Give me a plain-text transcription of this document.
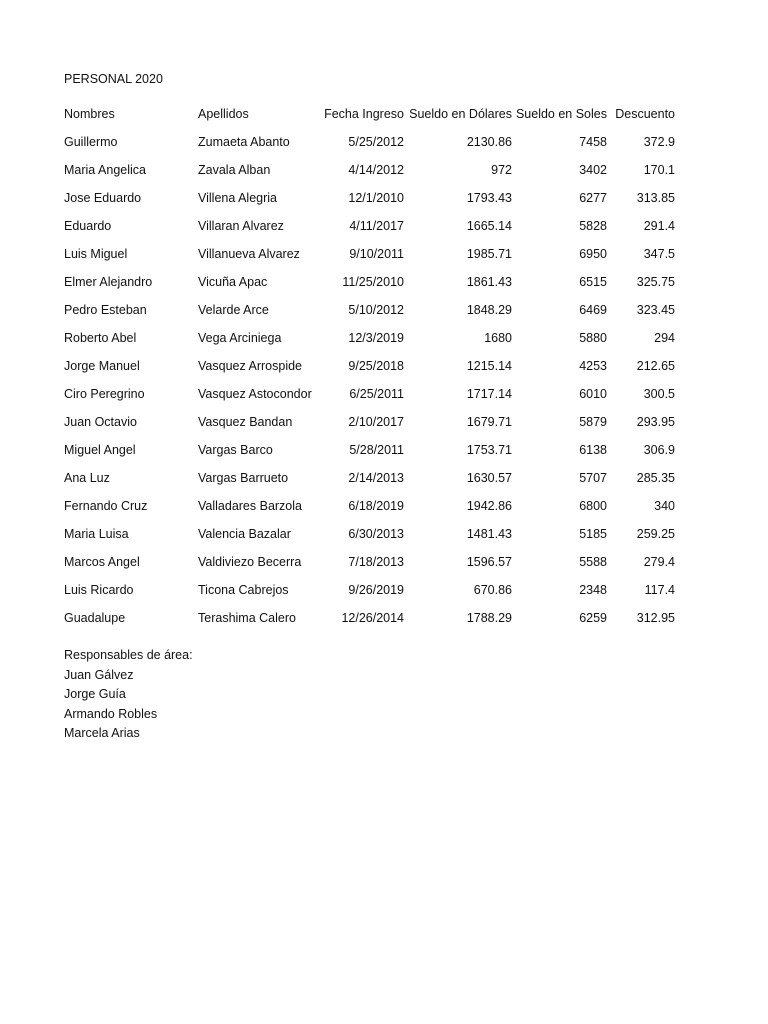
PERSONAL 2020
Nombres	Apellidos	Fecha Ingreso	Sueldo en Dólares	Sueldo en Soles	Descuento
Guillermo	Zumaeta Abanto	5/25/2012	2130.86	7458	372.9
Maria Angelica	Zavala Alban	4/14/2012	972	3402	170.1
Jose Eduardo	Villena Alegria	12/1/2010	1793.43	6277	313.85
Eduardo	Villaran Alvarez	4/11/2017	1665.14	5828	291.4
Luis Miguel	Villanueva Alvarez	9/10/2011	1985.71	6950	347.5
Elmer Alejandro	Vicuña Apac	11/25/2010	1861.43	6515	325.75
Pedro Esteban	Velarde Arce	5/10/2012	1848.29	6469	323.45
Roberto Abel	Vega Arciniega	12/3/2019	1680	5880	294
Jorge Manuel	Vasquez Arrospide	9/25/2018	1215.14	4253	212.65
Ciro Peregrino	Vasquez Astocondor	6/25/2011	1717.14	6010	300.5
Juan Octavio	Vasquez Bandan	2/10/2017	1679.71	5879	293.95
Miguel Angel	Vargas Barco	5/28/2011	1753.71	6138	306.9
Ana Luz	Vargas Barrueto	2/14/2013	1630.57	5707	285.35
Fernando Cruz	Valladares Barzola	6/18/2019	1942.86	6800	340
Maria Luisa	Valencia Bazalar	6/30/2013	1481.43	5185	259.25
Marcos Angel	Valdiviezo Becerra	7/18/2013	1596.57	5588	279.4
Luis Ricardo	Ticona Cabrejos	9/26/2019	670.86	2348	117.4
Guadalupe	Terashima Calero	12/26/2014	1788.29	6259	312.95
Responsables de área:
Juan Gálvez
Jorge Guía
Armando Robles
Marcela Arias
